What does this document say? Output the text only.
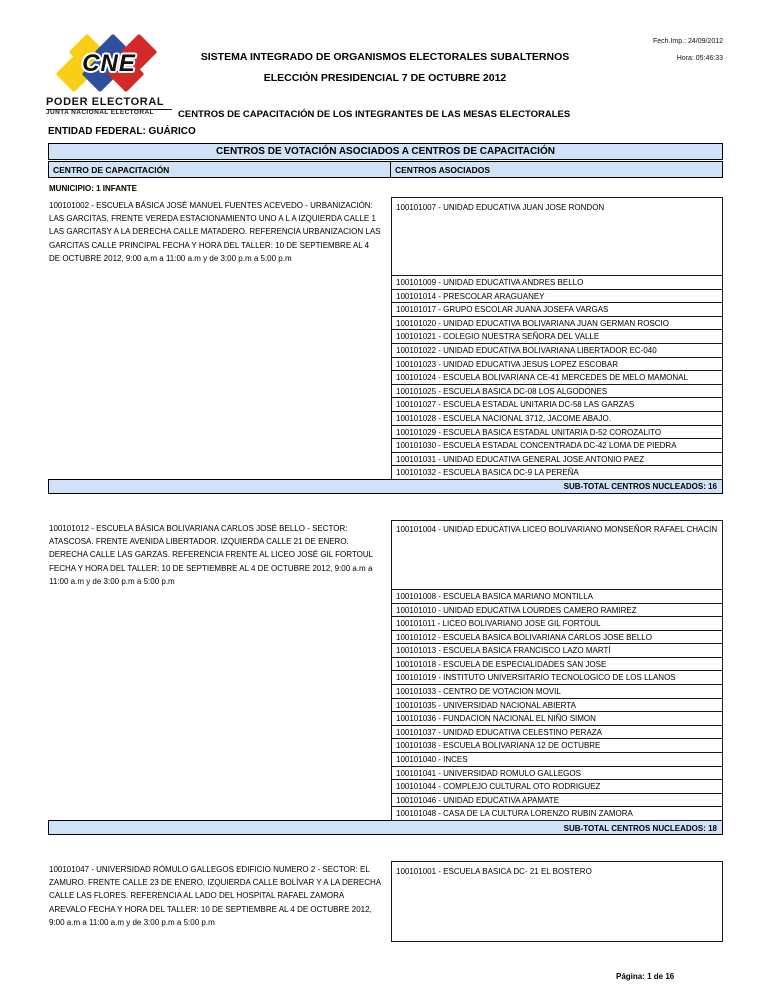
CNE
PODER ELECTORAL
JUNTA NACIONAL ELECTORAL
SISTEMA INTEGRADO DE ORGANISMOS ELECTORALES SUBALTERNOS
ELECCIÓN PRESIDENCIAL 7 DE OCTUBRE 2012
Fech.Imp.: 24/09/2012
Hora: 05:46:33
CENTROS DE CAPACITACIÓN DE LOS INTEGRANTES DE LAS MESAS ELECTORALES
ENTIDAD FEDERAL: GUÁRICO
CENTROS DE VOTACIÓN ASOCIADOS A CENTROS DE CAPACITACIÓN
CENTRO DE CAPACITACIÓN	CENTROS ASOCIADOS
MUNICIPIO: 1 INFANTE
100101002 - ESCUELA BÁSICA JOSÉ MANUEL FUENTES ACEVEDO - URBANIZACIÓN: LAS GARCITAS, FRENTE VEREDA ESTACIONAMIENTO UNO A L A IZQUIERDA CALLE 1 LAS GARCITASY A LA DERECHA CALLE MATADERO. REFERENCIA URBANIZACION LAS GARCITAS CALLE PRINCIPAL FECHA Y HORA DEL TALLER: 10 DE SEPTIEMBRE AL 4 DE OCTUBRE 2012, 9:00 a.m a 11:00 a.m y de 3:00 p.m a 5:00 p.m
100101007 - UNIDAD EDUCATIVA JUAN JOSE RONDON
100101009 - UNIDAD EDUCATIVA ANDRES BELLO
100101014 - PRESCOLAR ARAGUANEY
100101017 - GRUPO ESCOLAR JUANA JOSEFA VARGAS
100101020 - UNIDAD EDUCATIVA BOLIVARIANA JUAN GERMAN ROSCIO
100101021 - COLEGIO NUESTRA SEÑORA DEL VALLE
100101022 - UNIDAD EDUCATIVA BOLIVARIANA LIBERTADOR EC-040
100101023 - UNIDAD EDUCATIVA JESUS LOPEZ ESCOBAR
100101024 - ESCUELA BOLIVARIANA CE-41 MERCEDES DE MELO MAMONAL
100101025 - ESCUELA BASICA DC-08 LOS ALGODONES
100101027 - ESCUELA ESTADAL UNITARIA DC-58 LAS GARZAS
100101028 - ESCUELA NACIONAL 3712, JACOME ABAJO.
100101029 - ESCUELA BASICA ESTADAL UNITARIA D-52 COROZALITO
100101030 - ESCUELA ESTADAL CONCENTRADA DC-42 LOMA DE PIEDRA
100101031 - UNIDAD EDUCATIVA GENERAL JOSE ANTONIO PAEZ
100101032 - ESCUELA BASICA DC-9 LA PEREÑA
SUB-TOTAL CENTROS NUCLEADOS: 16
100101012 - ESCUELA BÁSICA BOLIVARIANA CARLOS JOSÉ BELLO - SECTOR: ATASCOSA. FRENTE AVENIDA LIBERTADOR. IZQUIERDA CALLE 21 DE ENERO. DERECHA CALLE LAS GARZAS. REFERENCIA FRENTE AL LICEO JOSÉ GIL FORTOUL FECHA Y HORA DEL TALLER: 10 DE SEPTIEMBRE AL 4 DE OCTUBRE 2012, 9:00 a.m a 11:00 a.m y de 3:00 p.m a 5:00 p.m
100101004 - UNIDAD EDUCATIVA LICEO BOLIVARIANO MONSEÑOR RAFAEL CHACIN
100101008 - ESCUELA BASICA MARIANO MONTILLA
100101010 - UNIDAD EDUCATIVA LOURDES CAMERO RAMIREZ
100101011 - LICEO BOLIVARIANO JOSE GIL FORTOUL
100101012 - ESCUELA BASICA BOLIVARIANA CARLOS JOSE BELLO
100101013 - ESCUELA BASICA FRANCISCO LAZO MARTÍ
100101018 - ESCUELA DE ESPECIALIDADES SAN JOSE
100101019 - INSTITUTO UNIVERSITARIO TECNOLOGICO DE LOS LLANOS
100101033 - CENTRO DE VOTACION MOVIL
100101035 - UNIVERSIDAD NACIONAL ABIERTA
100101036 - FUNDACION NACIONAL EL NIÑO SIMON
100101037 - UNIDAD EDUCATIVA CELESTINO PERAZA
100101038 - ESCUELA BOLIVARIANA 12 DE OCTUBRE
100101040 - INCES
100101041 - UNIVERSIDAD ROMULO GALLEGOS
100101044 - COMPLEJO CULTURAL OTO RODRIGUEZ
100101046 - UNIDAD EDUCATIVA APAMATE
100101048 - CASA DE LA CULTURA LORENZO RUBIN ZAMORA
SUB-TOTAL CENTROS NUCLEADOS: 18
100101047 - UNIVERSIDAD RÓMULO GALLEGOS EDIFICIO NUMERO 2 - SECTOR: EL ZAMURO. FRENTE CALLE 23 DE ENERO, IZQUIERDA CALLE BOLÍVAR Y A LA DERECHA CALLE LAS FLORES. REFERENCIA AL LADO DEL HOSPITAL RAFAEL ZAMORA AREVALO FECHA Y HORA DEL TALLER: 10 DE SEPTIEMBRE AL 4 DE OCTUBRE 2012, 9:00 a.m a 11:00 a.m y de 3:00 p.m a 5:00 p.m
100101001 - ESCUELA BASICA DC- 21 EL BOSTERO
Página: 1 de 16
